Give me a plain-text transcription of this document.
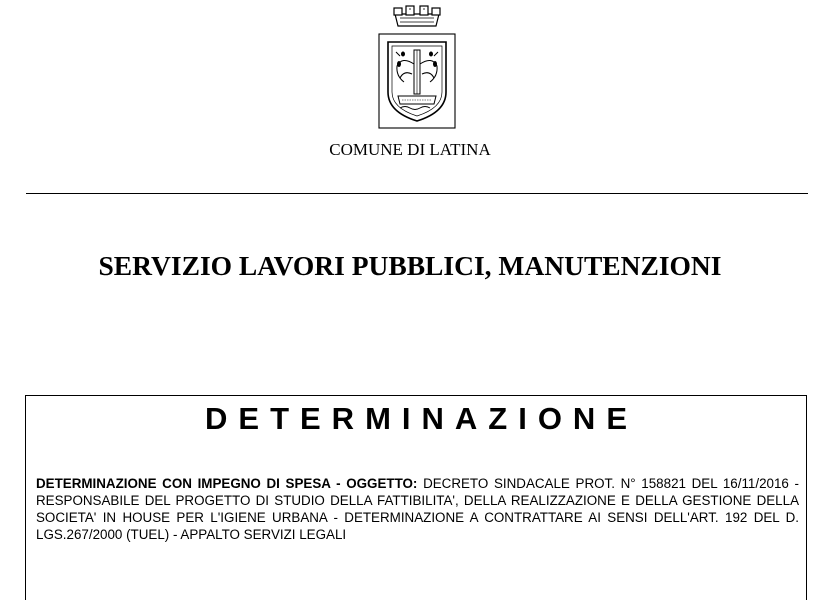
COMUNE DI LATINA
SERVIZIO LAVORI PUBBLICI, MANUTENZIONI
DETERMINAZIONE
DETERMINAZIONE CON IMPEGNO DI SPESA - OGGETTO: DECRETO SINDACALE PROT. N° 158821 DEL 16/11/2016 - RESPONSABILE DEL PROGETTO DI STUDIO DELLA FATTIBILITA', DELLA REALIZZAZIONE E DELLA GESTIONE DELLA SOCIETA' IN HOUSE PER L'IGIENE URBANA - DETERMINAZIONE A CONTRATTARE AI SENSI DELL'ART. 192 DEL D. LGS.267/2000 (TUEL) - APPALTO SERVIZI LEGALI
